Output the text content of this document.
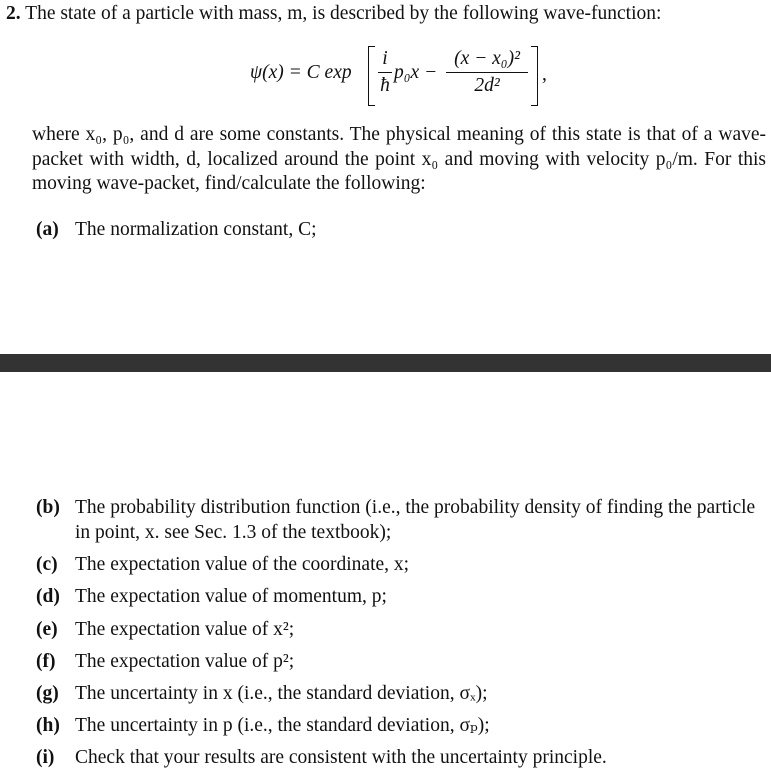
2. The state of a particle with mass, m, is described by the following wave-function:
ψ(x) = C exp
i
ħ
p₀x −
(x − x₀)²
2d²
,
where x₀, p₀, and d are some constants. The physical meaning of this state is that of a wave-packet with width, d, localized around the point x₀ and moving with velocity p₀/m. For this moving wave-packet, find/calculate the following:
(a) The normalization constant, C;
(b) The probability distribution function (i.e., the probability density of finding the particle in point, x. see Sec. 1.3 of the textbook);
(c) The expectation value of the coordinate, x;
(d) The expectation value of momentum, p;
(e) The expectation value of x²;
(f)	The expectation value of p²;
(g) The uncertainty in x (i.e., the standard deviation, σₓ);
(h) The uncertainty in p (i.e., the standard deviation, σₚ);
(i)	Check that your results are consistent with the uncertainty principle.
